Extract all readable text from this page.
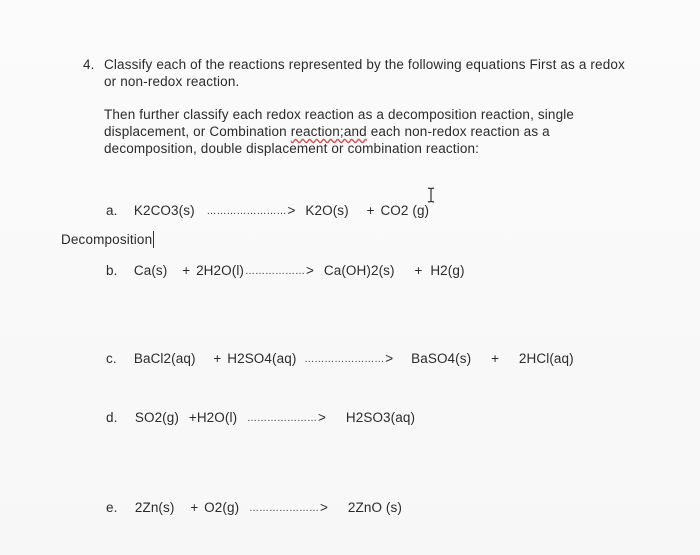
4. Classify each of the reactions represented by the following equations First as a redox
or non-redox reaction.
Then further classify each redox reaction as a decomposition reaction, single
displacement, or Combination reaction;and each non-redox reaction as a
decomposition, double displacement or combination reaction:
a. K2CO3(s) ……………………> K2O(s) + CO2 (g)
Decomposition
b. Ca(s) + 2H2O(l)………………> Ca(OH)2(s) + H2(g)
c. BaCl2(aq) + H2SO4(aq) ……………………> BaSO4(s) + 2HCl(aq)
d. SO2(g) +H2O(l) …………………> H2SO3(aq)
e. 2Zn(s) + O2(g) …………………> 2ZnO (s)
